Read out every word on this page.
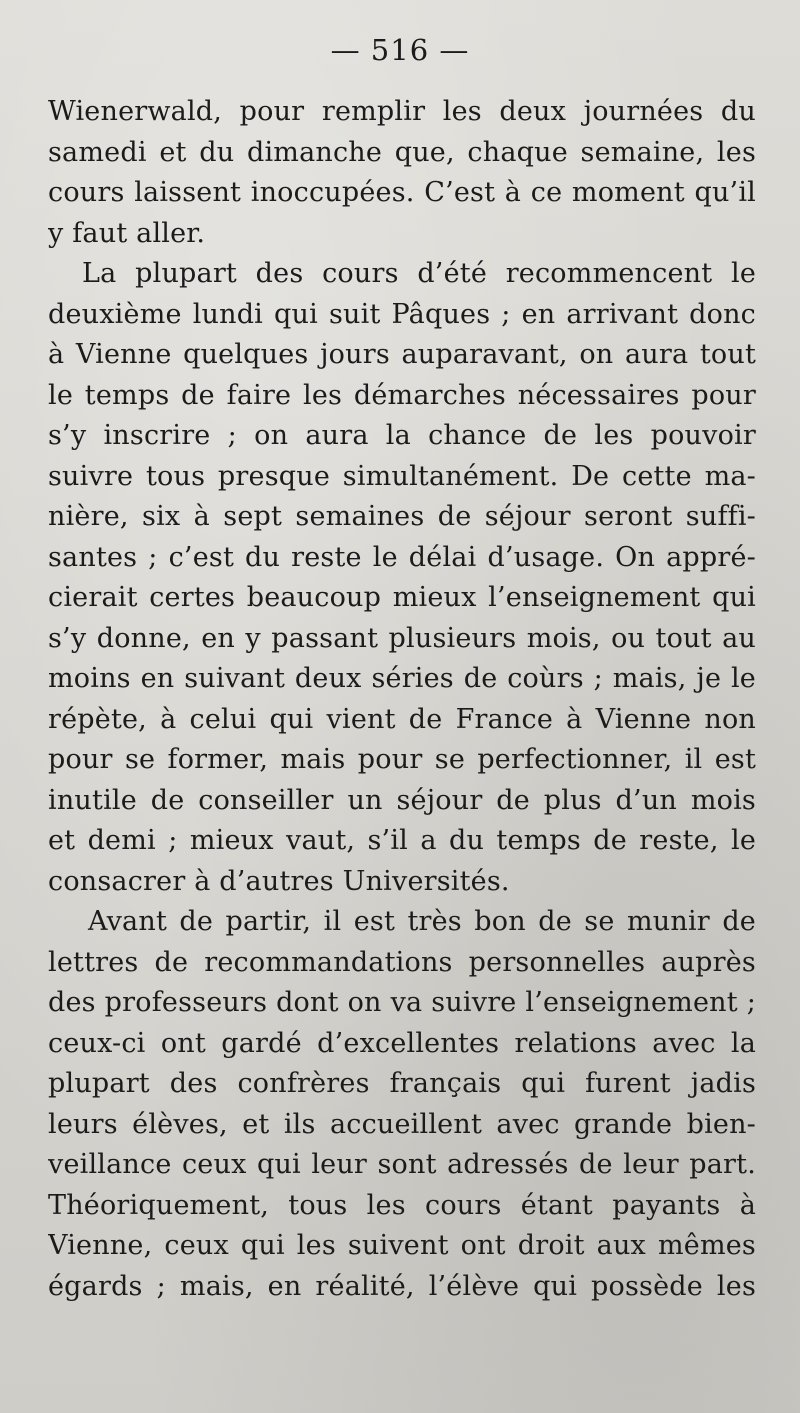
— 516 —
Wienerwald, pour remplir les deux journées du
samedi et du dimanche que, chaque semaine, les
cours laissent inoccupées. C’est à ce moment qu’il
y faut aller.
La plupart des cours d’été recommencent le
deuxième lundi qui suit Pâques ; en arrivant donc
à Vienne quelques jours auparavant, on aura tout
le temps de faire les démarches nécessaires pour
s’y inscrire ; on aura la chance de les pouvoir
suivre tous presque simultanément. De cette ma-
nière, six à sept semaines de séjour seront suffi-
santes ; c’est du reste le délai d’usage. On appré-
cierait certes beaucoup mieux l’enseignement qui
s’y donne, en y passant plusieurs mois, ou tout au
moins en suivant deux séries de coùrs ; mais, je le
répète, à celui qui vient de France à Vienne non
pour se former, mais pour se perfectionner, il est
inutile de conseiller un séjour de plus d’un mois
et demi ; mieux vaut, s’il a du temps de reste, le
consacrer à d’autres Universités.
Avant de partir, il est très bon de se munir de
lettres de recommandations personnelles auprès
des professeurs dont on va suivre l’enseignement ;
ceux-ci ont gardé d’excellentes relations avec la
plupart des confrères français qui furent jadis
leurs élèves, et ils accueillent avec grande bien-
veillance ceux qui leur sont adressés de leur part.
Théoriquement, tous les cours étant payants à
Vienne, ceux qui les suivent ont droit aux mêmes
égards ; mais, en réalité, l’élève qui possède les
